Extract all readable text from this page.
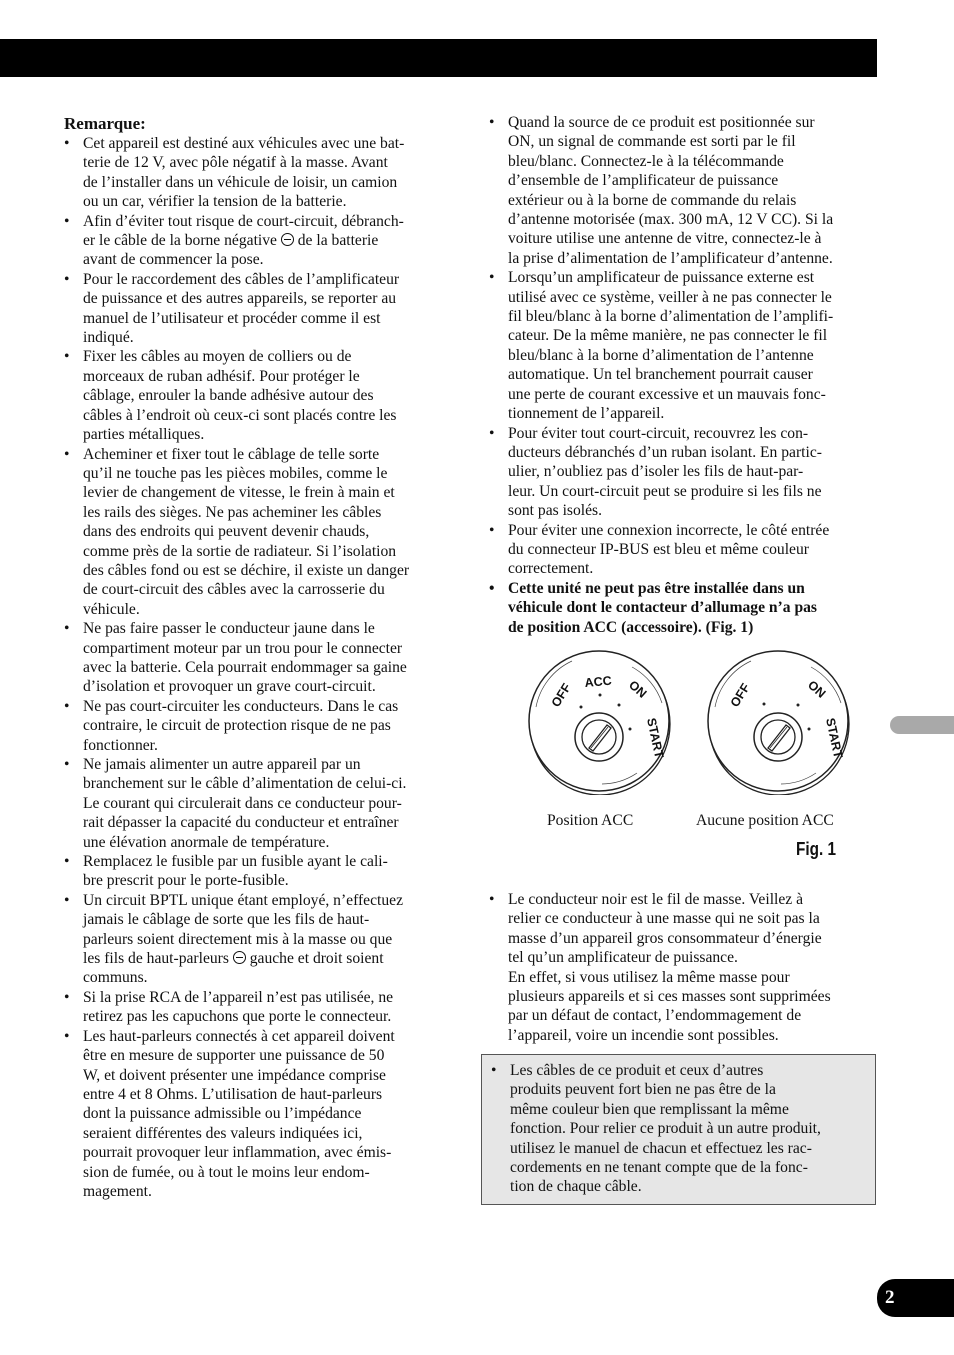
2

Remarque:

• Cet appareil est destiné aux véhicules avec une bat-
terie de 12 V, avec pôle négatif à la masse. Avant
de l’installer dans un véhicule de loisir, un camion
ou un car, vérifier la tension de la batterie.
• Afin d’éviter tout risque de court-circuit, débranch-
er le câble de la borne négative  de la batterie
avant de commencer la pose.
• Pour le raccordement des câbles de l’amplificateur
de puissance et des autres appareils, se reporter au
manuel de l’utilisateur et procéder comme il est
indiqué.
• Fixer les câbles au moyen de colliers ou de
morceaux de ruban adhésif. Pour protéger le
câblage, enrouler la bande adhésive autour des
câbles à l’endroit où ceux-ci sont placés contre les
parties métalliques.
• Acheminer et fixer tout le câblage de telle sorte
qu’il ne touche pas les pièces mobiles, comme le
levier de changement de vitesse, le frein à main et
les rails des sièges. Ne pas acheminer les câbles
dans des endroits qui peuvent devenir chauds,
comme près de la sortie de radiateur. Si l’isolation
des câbles fond ou est se déchire, il existe un danger
de court-circuit des câbles avec la carrosserie du
véhicule.
• Ne pas faire passer le conducteur jaune dans le
compartiment moteur par un trou pour le connecter
avec la batterie. Cela pourrait endommager sa gaine
d’isolation et provoquer un grave court-circuit.
• Ne pas court-circuiter les conducteurs. Dans le cas
contraire, le circuit de protection risque de ne pas
fonctionner.
• Ne jamais alimenter un autre appareil par un
branchement sur le câble d’alimentation de celui-ci.
Le courant qui circulerait dans ce conducteur pour-
rait dépasser la capacité du conducteur et entraîner
une élévation anormale de température.
• Remplacez le fusible par un fusible ayant le cali-
bre prescrit pour le porte-fusible.
• Un circuit BPTL unique étant employé, n’effectuez
jamais le câblage de sorte que les fils de haut-
parleurs soient directement mis à la masse ou que
les fils de haut-parleurs  gauche et droit soient
communs.
• Si la prise RCA de l’appareil n’est pas utilisée, ne
retirez pas les capuchons que porte le connecteur.
• Les haut-parleurs connectés à cet appareil doivent
être en mesure de supporter une puissance de 50
W, et doivent présenter une impédance comprise
entre 4 et 8 Ohms. L’utilisation de haut-parleurs
dont la puissance admissible ou l’impédance
seraient différentes des valeurs indiquées ici,
pourrait provoquer leur inflammation, avec émis-
sion de fumée, ou à tout le moins leur endom-
magement.
• Quand la source de ce produit est positionnée sur
ON, un signal de commande est sorti par le fil
bleu/blanc. Connectez-le à la télécommande
d’ensemble de l’amplificateur de puissance
extérieur ou à la borne de commande du relais
d’antenne motorisée (max. 300 mA, 12 V CC). Si la
voiture utilise une antenne de vitre, connectez-le à
la prise d’alimentation de l’amplificateur d’antenne.
• Lorsqu’un amplificateur de puissance externe est
utilisé avec ce système, veiller à ne pas connecter le
fil bleu/blanc à la borne d’alimentation de l’amplifi-
cateur. De la même manière, ne pas connecter le fil
bleu/blanc à la borne d’alimentation de l’antenne
automatique. Un tel branchement pourrait causer
une perte de courant excessive et un mauvais fonc-
tionnement de l’appareil.
• Pour éviter tout court-circuit, recouvrez les con-
ducteurs débranchés d’un ruban isolant. En partic-
ulier, n’oubliez pas d’isoler les fils de haut-par-
leur. Un court-circuit peut se produire si les fils ne
sont pas isolés.
• Pour éviter une connexion incorrecte, le côté entrée
du connecteur IP-BUS est bleu et même couleur
correctement.
• Cette unité ne peut pas être installée dans un
véhicule dont le contacteur d’allumage n’a pas
de position ACC (accessoire). (Fig. 1)
OFF ACC ON
START
OFF	ON
START
Position ACC	Aucune position ACC
Fig. 1
• Le conducteur noir est le fil de masse. Veillez à
relier ce conducteur à une masse qui ne soit pas la
masse d’un appareil gros consommateur d’énergie
tel qu’un amplificateur de puissance.
En effet, si vous utilisez la même masse pour
plusieurs appareils et si ces masses sont supprimées
par un défaut de contact, l’endommagement de
l’appareil, voire un incendie sont possibles.
• Les câbles de ce produit et ceux d’autres
produits peuvent fort bien ne pas être de la
même couleur bien que remplissant la même
fonction. Pour relier ce produit à un autre produit,
utilisez le manuel de chacun et effectuez les rac-
cordements en ne tenant compte que de la fonc-
tion de chaque câble.
